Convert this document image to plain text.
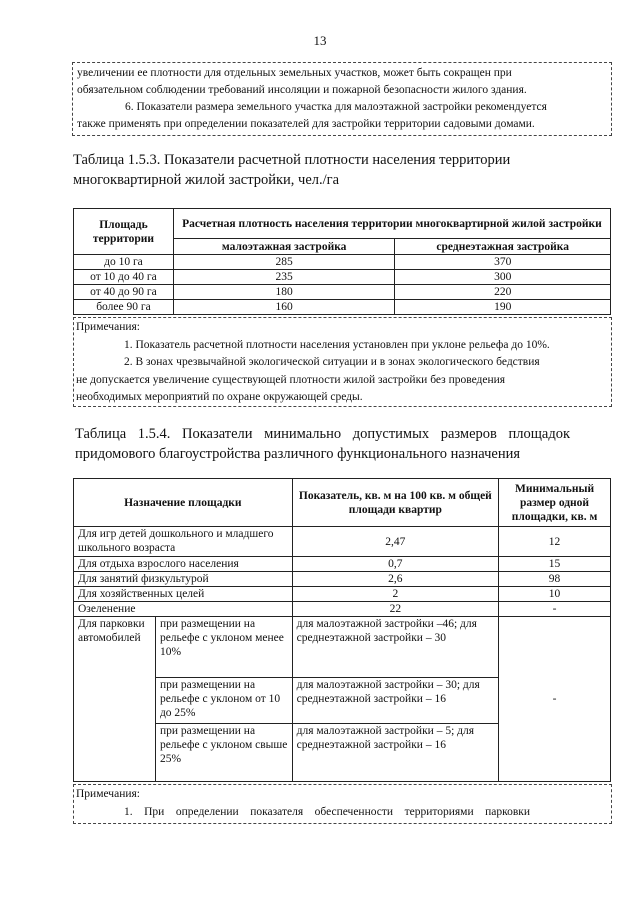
13
увеличении ее плотности для отдельных земельных участков, может быть сокращен при
обязательном соблюдении требований инсоляции и пожарной безопасности жилого здания.
6. Показатели размера земельного участка для малоэтажной застройки рекомендуется
также применять при определении показателей для застройки территории садовыми домами.
Таблица 1.5.3. Показатели расчетной плотности населения территории
многоквартирной жилой застройки, чел./га
Площадь территории	Расчетная плотность населения территории многоквартирной жилой застройки	
	малоэтажная застройка	среднеэтажная застройка
до 10 га	285	370
от 10 до 40 га	235	300
от 40 до 90 га	180	220
более 90 га	160	190
Примечания:
1. Показатель расчетной плотности населения установлен при уклоне рельефа до 10%.
2. В зонах чрезвычайной экологической ситуации и в зонах экологического бедствия
не допускается увеличение существующей плотности жилой застройки без проведения
необходимых мероприятий по охране окружающей среды.
Таблица 1.5.4. Показатели минимально допустимых размеров площадок
придомового благоустройства различного функционального назначения
Назначение площадки		Показатель, кв. м на 100 кв. м общей площади квартир	Минимальный размер одной площадки, кв. м
Для игр детей дошкольного и младшего школьного возраста		2,47	12
Для отдыха взрослого населения		0,7	15
Для занятий физкультурой		2,6	98
Для хозяйственных целей		2	10
Озеленение		22	-
Для парковки автомобилей	при размещении на рельефе с уклоном менее 10%	для малоэтажной застройки –46; для среднеэтажной застройки – 30	-
	при размещении на рельефе с уклоном от 10 до 25%	для малоэтажной застройки – 30; для среднеэтажной застройки – 16	
	при размещении на рельефе с уклоном свыше 25%	для малоэтажной застройки – 5; для среднеэтажной застройки – 16	
Примечания:
1.    При    определении    показателя    обеспеченности    территориями    парковки
